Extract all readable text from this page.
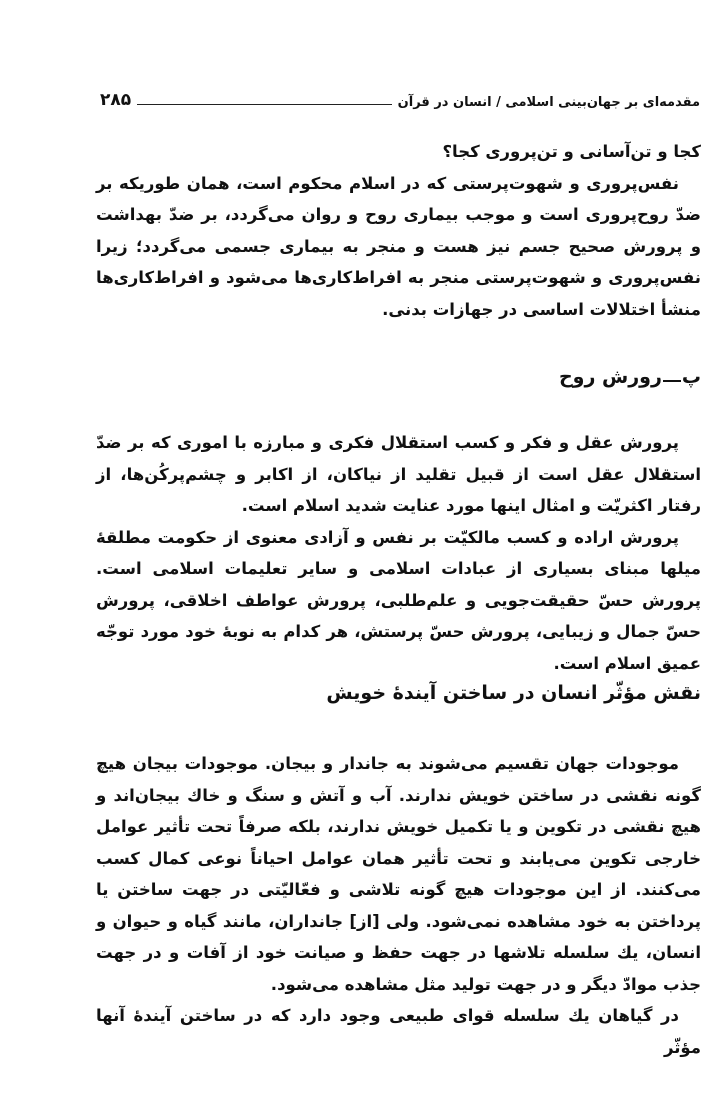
مقدمه‌ای بر جهان‌بینی اسلامی / انسان در قرآن
۲۸۵

کجا و تن‌آسانی و تن‌پروری کجا؟

نفس‌پروری و شهوت‌پرستی که در اسلام محکوم است، همان طوریکه بر ضدّ روح‌پروری است و موجب بیماری روح و روان می‌گردد، بر ضدّ بهداشت و پرورش صحیح جسم نیز هست و منجر به بیماری جسمی می‌گردد؛ زیرا نفس‌پروری و شهوت‌پرستی منجر به افراط‌کاری‌ها می‌شود و افراط‌کاری‌ها منشأ اختلالات اساسی در جهازات بدنی.

پرورش روح

پرورش عقل و فکر و کسب استقلال فکری و مبارزه با اموری که بر ضدّ استقلال عقل است از قبیل تقلید از نیاکان، از اکابر و چشم‌پرکُن‌ها، از رفتار اکثریّت و امثال اینها مورد عنایت شدید اسلام است.

پرورش اراده و کسب مالکیّت بر نفس و آزادی معنوی از حکومت مطلقهٔ میلها مبنای بسیاری از عبادات اسلامی و سایر تعلیمات اسلامی است. پرورش حسّ حقیقت‌جویی و علم‌طلبی، پرورش عواطف اخلاقی، پرورش حسّ جمال و زیبایی، پرورش حسّ پرستش، هر کدام به نوبهٔ خود مورد توجّه عمیق اسلام است.

نقش مؤثّر انسان در ساختن آیندهٔ خویش

موجودات جهان تقسیم می‌شوند به جاندار و بیجان. موجودات بیجان هیچ گونه نقشی در ساختن خویش ندارند. آب و آتش و سنگ و خاك بیجان‌اند و هیچ نقشی در تکوین و یا تکمیل خویش ندارند، بلکه صرفاً تحت تأثیر عوامل خارجی تکوین می‌یابند و تحت تأثیر همان عوامل احیاناً نوعی کمال کسب می‌کنند. از این موجودات هیچ گونه تلاشی و فعّالیّتی در جهت ساختن یا پرداختن به خود مشاهده نمی‌شود. ولی [از] جانداران، مانند گیاه و حیوان و انسان، یك سلسله تلاشها در جهت حفظ و صیانت خود از آفات و در جهت جذب موادّ دیگر و در جهت تولید مثل مشاهده می‌شود.

در گیاهان یك سلسله قوای طبیعی وجود دارد که در ساختن آیندهٔ آنها مؤثّر
